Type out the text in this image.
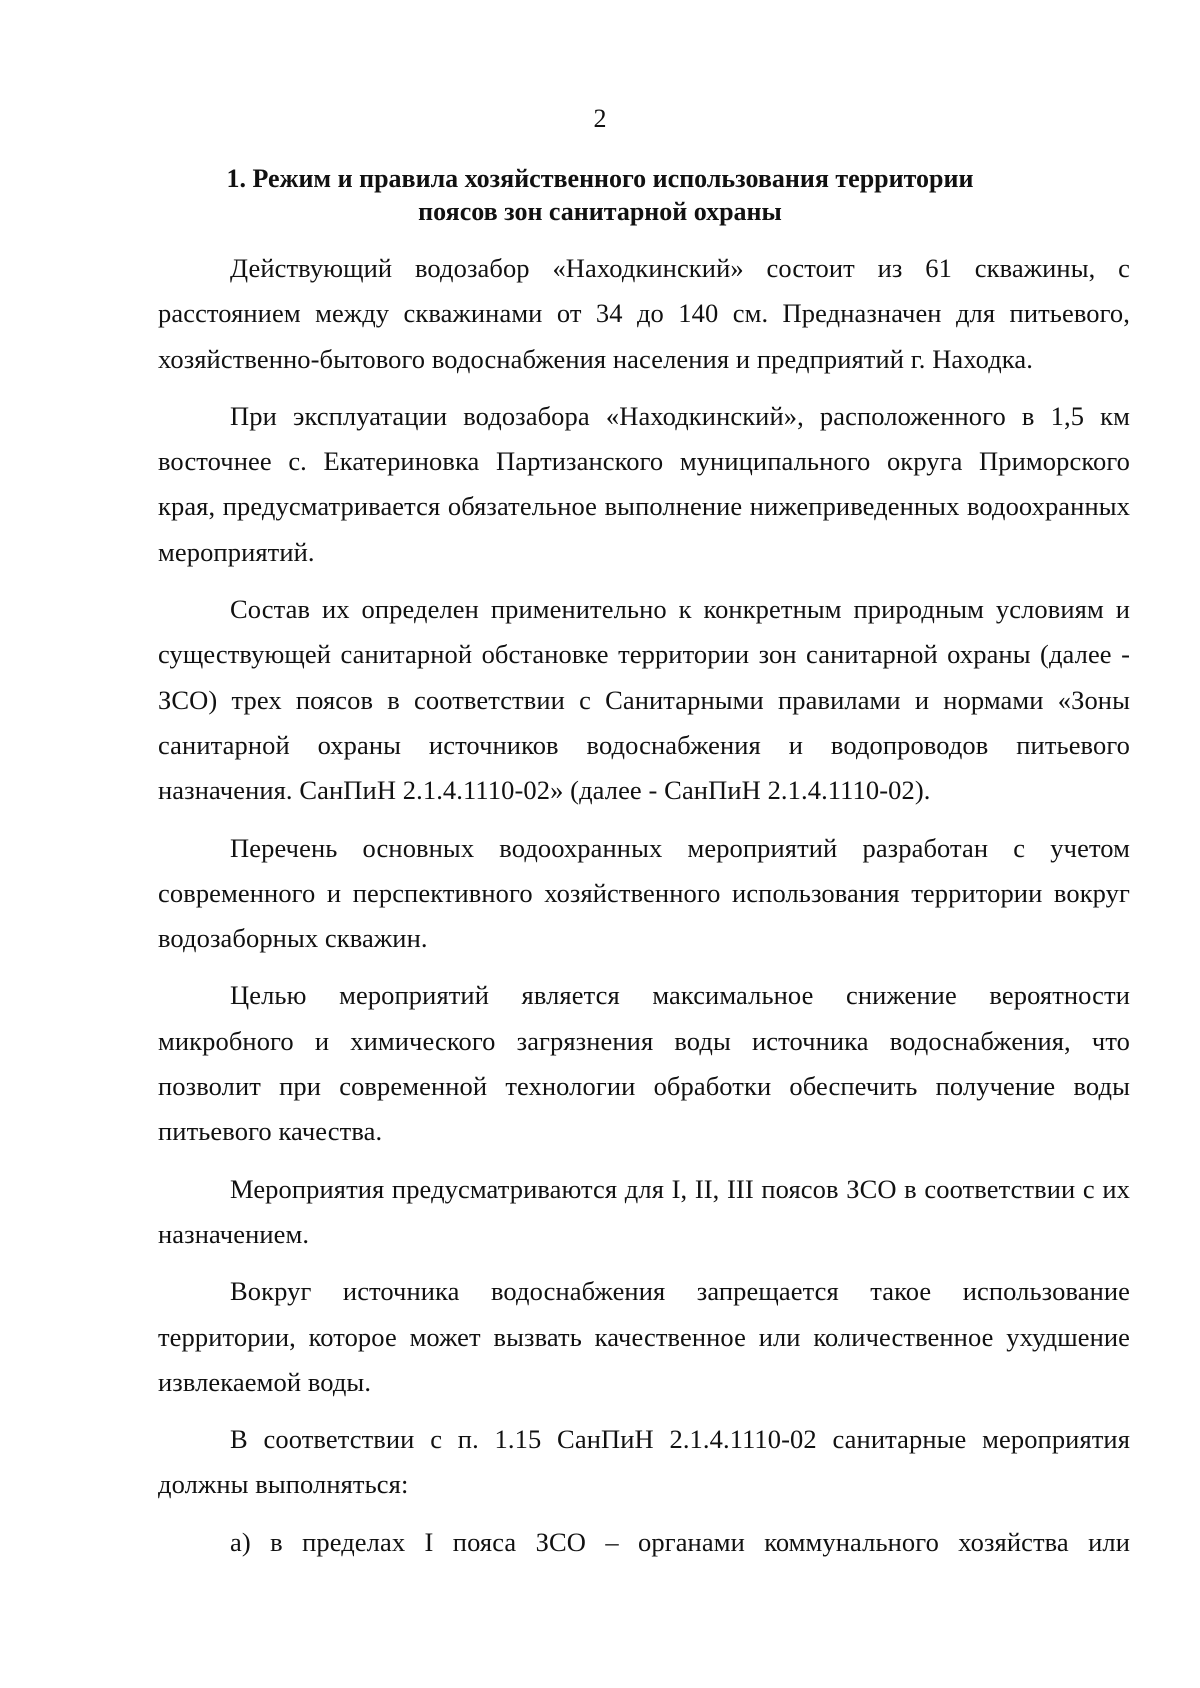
2
1. Режим и правила хозяйственного использования территории
поясов зон санитарной охраны

Действующий водозабор «Находкинский» состоит из 61 скважины, с расстоянием между скважинами от 34 до 140 см. Предназначен для питьевого, хозяйственно-бытового водоснабжения населения и предприятий г. Находка.

При эксплуатации водозабора «Находкинский», расположенного в 1,5 км восточнее с. Екатериновка Партизанского муниципального округа Приморского края, предусматривается обязательное выполнение нижеприведенных водоохранных мероприятий.

Состав их определен применительно к конкретным природным условиям и существующей санитарной обстановке территории зон санитарной охраны (далее - ЗСО) трех поясов в соответствии с Санитарными правилами и нормами «Зоны санитарной охраны источников водоснабжения и водопроводов питьевого назначения. СанПиН 2.1.4.1110-02» (далее - СанПиН 2.1.4.1110-02).

Перечень основных водоохранных мероприятий разработан с учетом современного и перспективного хозяйственного использования территории вокруг водозаборных скважин.

Целью мероприятий является максимальное снижение вероятности микробного и химического загрязнения воды источника водоснабжения, что позволит при современной технологии обработки обеспечить получение воды питьевого качества.

Мероприятия предусматриваются для I, II, III поясов ЗСО в соответствии с их назначением.

Вокруг источника водоснабжения запрещается такое использование территории, которое может вызвать качественное или количественное ухудшение извлекаемой воды.

В соответствии с п. 1.15 СанПиН 2.1.4.1110-02 санитарные мероприятия должны выполняться:

а) в пределах I пояса ЗСО – органами коммунального хозяйства или
